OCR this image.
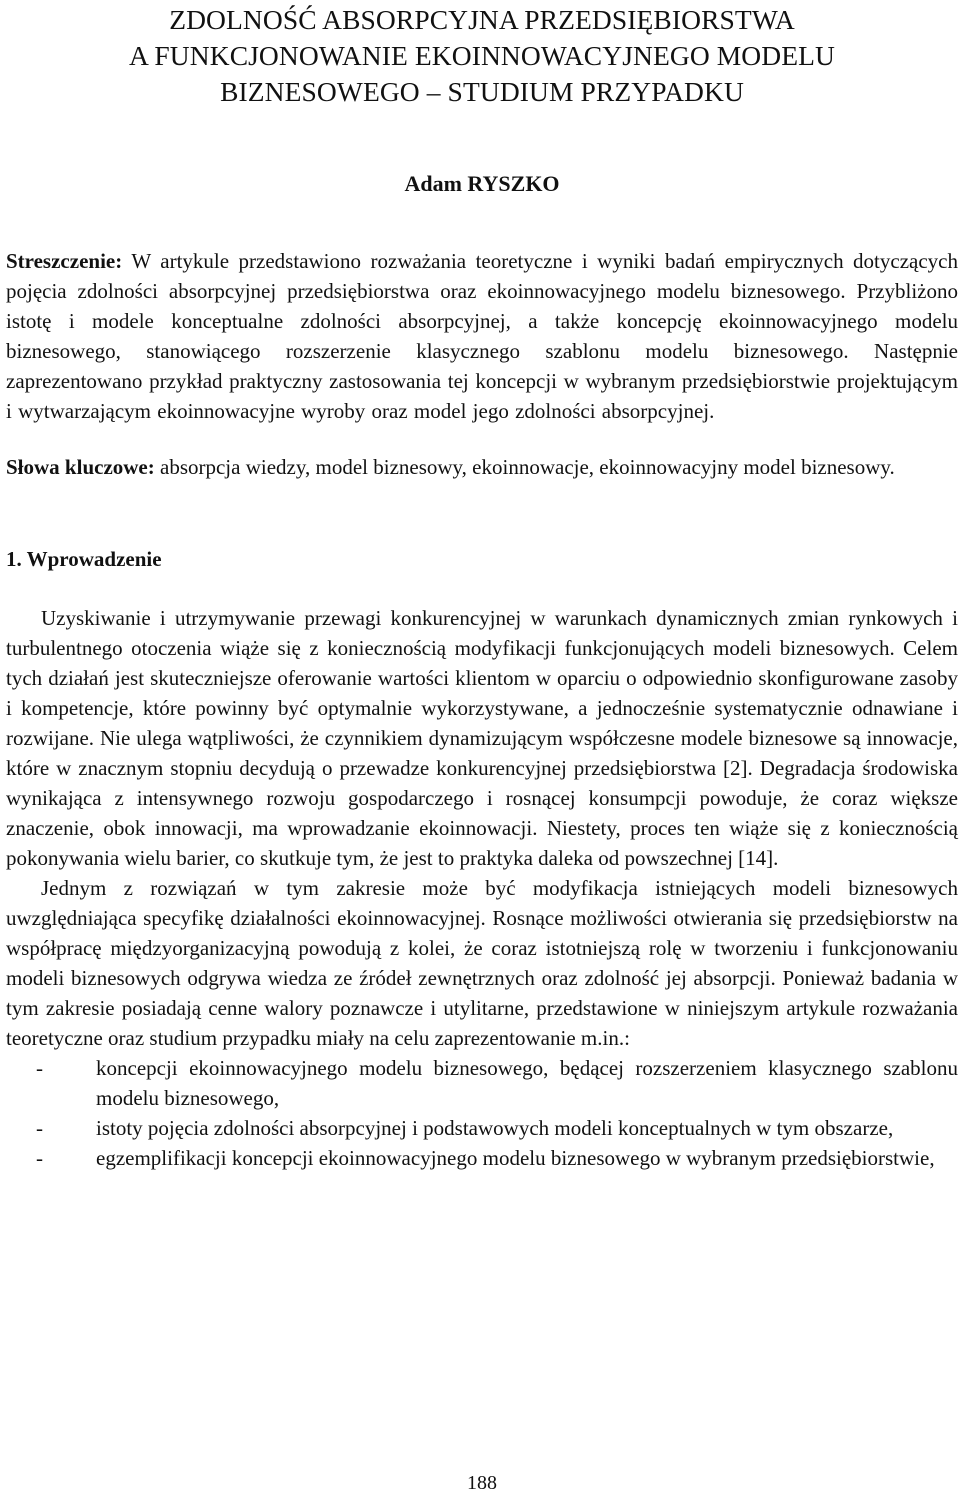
ZDOLNOŚĆ ABSORPCYJNA PRZEDSIĘBIORSTWA
A FUNKCJONOWANIE EKOINNOWACYJNEGO MODELU
BIZNESOWEGO – STUDIUM PRZYPADKU
Adam RYSZKO
Streszczenie: W artykule przedstawiono rozważania teoretyczne i wyniki badań empirycznych dotyczących pojęcia zdolności absorpcyjnej przedsiębiorstwa oraz ekoinnowacyjnego modelu biznesowego. Przybliżono istotę i modele konceptualne zdolności absorpcyjnej, a także koncepcję ekoinnowacyjnego modelu biznesowego, stanowiącego rozszerzenie klasycznego szablonu modelu biznesowego. Następnie zaprezentowano przykład praktyczny zastosowania tej koncepcji w wybranym przedsiębiorstwie projektującym i wytwarzającym ekoinnowacyjne wyroby oraz model jego zdolności absorpcyjnej.
Słowa kluczowe: absorpcja wiedzy, model biznesowy, ekoinnowacje, ekoinnowacyjny model biznesowy.
1. Wprowadzenie

Uzyskiwanie i utrzymywanie przewagi konkurencyjnej w warunkach dynamicznych zmian rynkowych i turbulentnego otoczenia wiąże się z koniecznością modyfikacji funkcjonujących modeli biznesowych. Celem tych działań jest skuteczniejsze oferowanie wartości klientom w oparciu o odpowiednio skonfigurowane zasoby i kompetencje, które powinny być optymalnie wykorzystywane, a jednocześnie systematycznie odnawiane i rozwijane. Nie ulega wątpliwości, że czynnikiem dynamizującym współczesne modele biznesowe są innowacje, które w znacznym stopniu decydują o przewadze konkurencyjnej przedsiębiorstwa [2]. Degradacja środowiska wynikająca z intensywnego rozwoju gospodarczego i rosnącej konsumpcji powoduje, że coraz większe znaczenie, obok innowacji, ma wprowadzanie ekoinnowacji. Niestety, proces ten wiąże się z koniecznością pokonywania wielu barier, co skutkuje tym, że jest to praktyka daleka od powszechnej [14].

Jednym z rozwiązań w tym zakresie może być modyfikacja istniejących modeli biznesowych uwzględniająca specyfikę działalności ekoinnowacyjnej. Rosnące możliwości otwierania się przedsiębiorstw na współpracę międzyorganizacyjną powodują z kolei, że coraz istotniejszą rolę w tworzeniu i funkcjonowaniu modeli biznesowych odgrywa wiedza ze źródeł zewnętrznych oraz zdolność jej absorpcji. Ponieważ badania w tym zakresie posiadają cenne walory poznawcze i utylitarne, przedstawione w niniejszym artykule rozważania teoretyczne oraz studium przypadku miały na celu zaprezentowanie m.in.:

-	koncepcji ekoinnowacyjnego modelu biznesowego, będącej rozszerzeniem klasycznego szablonu modelu biznesowego,
-	istoty pojęcia zdolności absorpcyjnej i podstawowych modeli konceptualnych w tym obszarze,
-	egzemplifikacji koncepcji ekoinnowacyjnego modelu biznesowego w wybranym przedsiębiorstwie,
188
